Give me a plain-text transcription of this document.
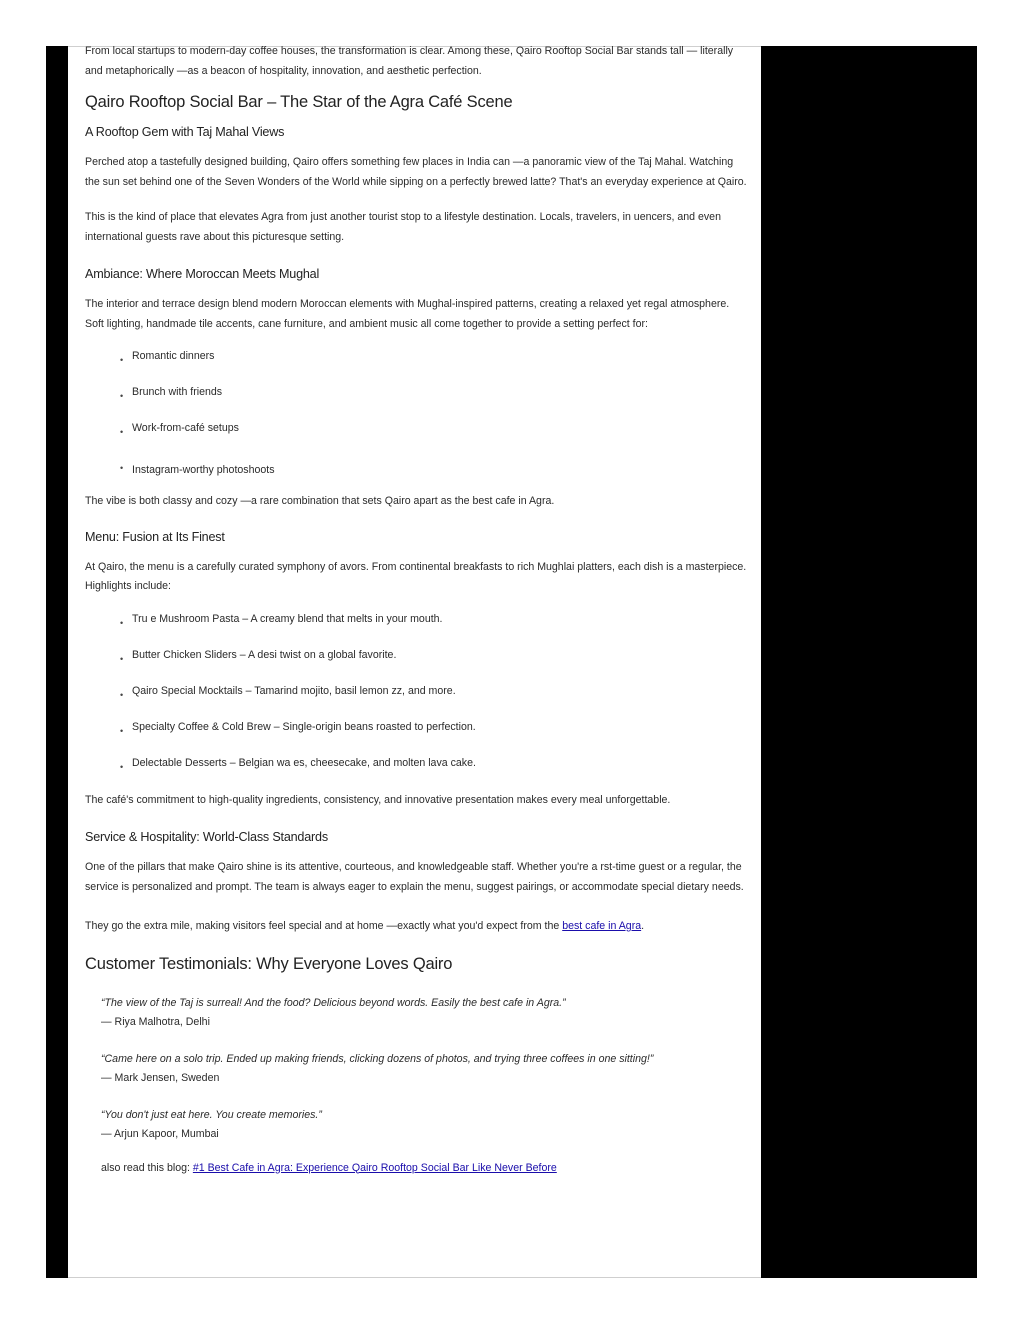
From local startups to modern-day coffee houses, the transformation is clear. Among these, Qairo Rooftop Social Bar stands tall — literally and metaphorically —as a beacon of hospitality, innovation, and aesthetic perfection.

Qairo Rooftop Social Bar – The Star of the Agra Café Scene
A Rooftop Gem with Taj Mahal Views

Perched atop a tastefully designed building, Qairo offers something few places in India can —a panoramic view of the Taj Mahal. Watching the sun set behind one of the Seven Wonders of the World while sipping on a perfectly brewed latte? That's an everyday experience at Qairo.

This is the kind of place that elevates Agra from just another tourist stop to a lifestyle destination. Locals, travelers, in uencers, and even international guests rave about this picturesque setting.

Ambiance: Where Moroccan Meets Mughal

The interior and terrace design blend modern Moroccan elements with Mughal-inspired patterns, creating a relaxed yet regal atmosphere. Soft lighting, handmade tile accents, cane furniture, and ambient music all come together to provide a setting perfect for:

• Romantic dinners
• Brunch with friends
• Work-from-café setups
• Instagram-worthy photoshoots

The vibe is both classy and cozy —a rare combination that sets Qairo apart as the best cafe in Agra.

Menu: Fusion at Its Finest

At Qairo, the menu is a carefully curated symphony of avors. From continental breakfasts to rich Mughlai platters, each dish is a masterpiece. Highlights include:

• Tru e Mushroom Pasta – A creamy blend that melts in your mouth.
• Butter Chicken Sliders – A desi twist on a global favorite.
• Qairo Special Mocktails – Tamarind mojito, basil lemon zz, and more.
• Specialty Coffee & Cold Brew – Single-origin beans roasted to perfection.
• Delectable Desserts – Belgian wa es, cheesecake, and molten lava cake.

The café's commitment to high-quality ingredients, consistency, and innovative presentation makes every meal unforgettable.

Service & Hospitality: World-Class Standards

One of the pillars that make Qairo shine is its attentive, courteous, and knowledgeable staff. Whether you're a rst-time guest or a regular, the service is personalized and prompt. The team is always eager to explain the menu, suggest pairings, or accommodate special dietary needs.

They go the extra mile, making visitors feel special and at home —exactly what you'd expect from the best cafe in Agra.

Customer Testimonials: Why Everyone Loves Qairo
“The view of the Taj is surreal! And the food? Delicious beyond words. Easily the best cafe in Agra.”
— Riya Malhotra, Delhi
“Came here on a solo trip. Ended up making friends, clicking dozens of photos, and trying three coffees in one sitting!”
— Mark Jensen, Sweden
“You don't just eat here. You create memories.”
— Arjun Kapoor, Mumbai
also read this blog: #1 Best Cafe in Agra: Experience Qairo Rooftop Social Bar Like Never Before
